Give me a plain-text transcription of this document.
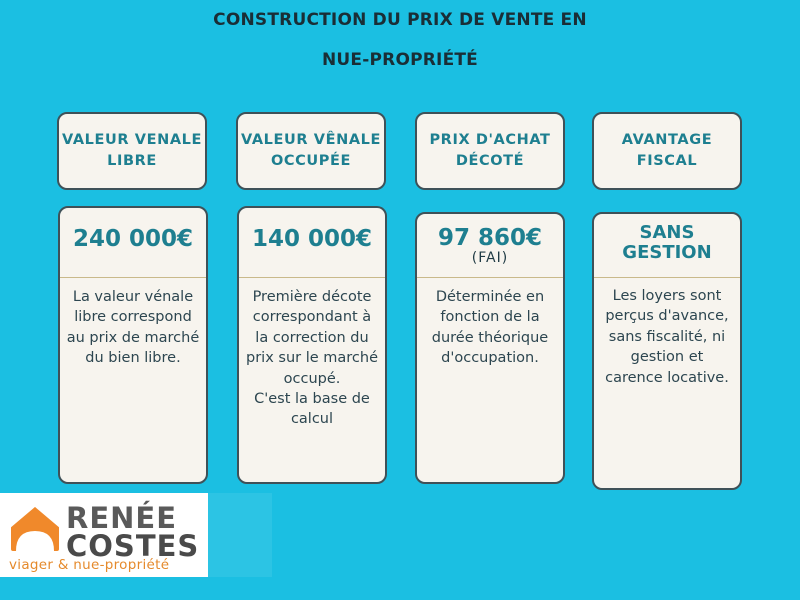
CONSTRUCTION DU PRIX DE VENTE EN
NUE-PROPRIÉTÉ
VALEUR VENALE
LIBRE
VALEUR VÊNALE
OCCUPÉE
PRIX D'ACHAT
DÉCOTÉ
AVANTAGE
FISCAL
240 000€
La valeur vénale
libre correspond
au prix de marché
du bien libre.
140 000€
Première décote
correspondant à
la correction du
prix sur le marché
occupé.
C'est la base de
calcul
97 860€
(FAI)
Déterminée en
fonction de la
durée théorique
d'occupation.
SANS
GESTION
Les loyers sont
perçus d'avance,
sans fiscalité, ni
gestion et
carence locative.
RENÉE
COSTES
viager & nue-propriété
